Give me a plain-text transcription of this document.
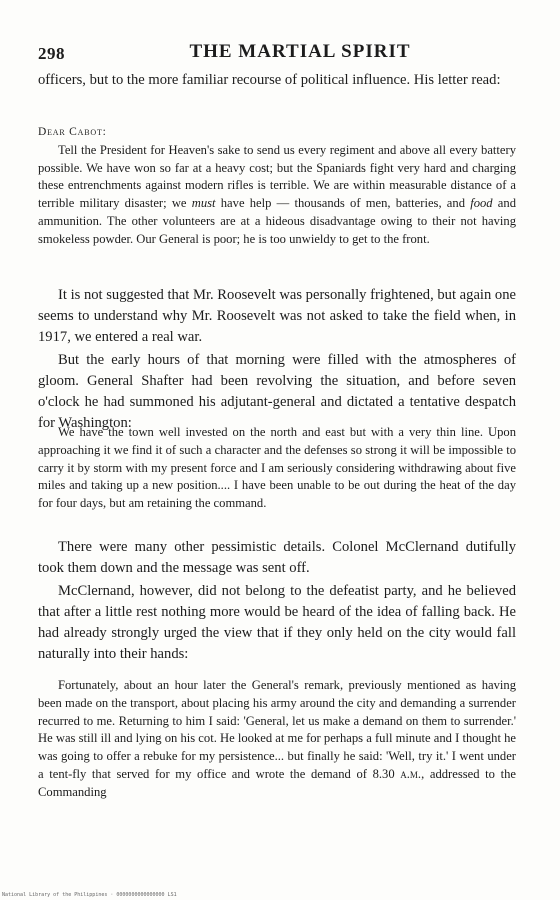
298	THE MARTIAL SPIRIT

officers, but to the more familiar recourse of political influence. His letter read:

Dear Cabot:
Tell the President for Heaven's sake to send us every regiment and above all every battery possible. We have won so far at a heavy cost; but the Spaniards fight very hard and charging these entrenchments against modern rifles is terrible. We are within measurable distance of a terrible military disaster; we must have help — thousands of men, batteries, and food and ammunition. The other volunteers are at a hideous disadvantage owing to their not having smokeless powder. Our General is poor; he is too unwieldy to get to the front.

It is not suggested that Mr. Roosevelt was personally frightened, but again one seems to understand why Mr. Roosevelt was not asked to take the field when, in 1917, we entered a real war.

But the early hours of that morning were filled with the atmospheres of gloom. General Shafter had been revolving the situation, and before seven o'clock he had summoned his adjutant-general and dictated a tentative despatch for Washington:

We have the town well invested on the north and east but with a very thin line. Upon approaching it we find it of such a character and the defenses so strong it will be impossible to carry it by storm with my present force and I am seriously considering withdrawing about five miles and taking up a new position.... I have been unable to be out during the heat of the day for four days, but am retaining the command.

There were many other pessimistic details. Colonel McClernand dutifully took them down and the message was sent off.

McClernand, however, did not belong to the defeatist party, and he believed that after a little rest nothing more would be heard of the idea of falling back. He had already strongly urged the view that if they only held on the city would fall naturally into their hands:

Fortunately, about an hour later the General's remark, previously mentioned as having been made on the transport, about placing his army around the city and demanding a surrender recurred to me. Returning to him I said: 'General, let us make a demand on them to surrender.' He was still ill and lying on his cot. He looked at me for perhaps a full minute and I thought he was going to offer a rebuke for my persistence... but finally he said: 'Well, try it.' I went under a tent-fly that served for my office and wrote the demand of 8.30 a.m., addressed to the Commanding

National Library of the Philippines · 0000000000000000 LS1
